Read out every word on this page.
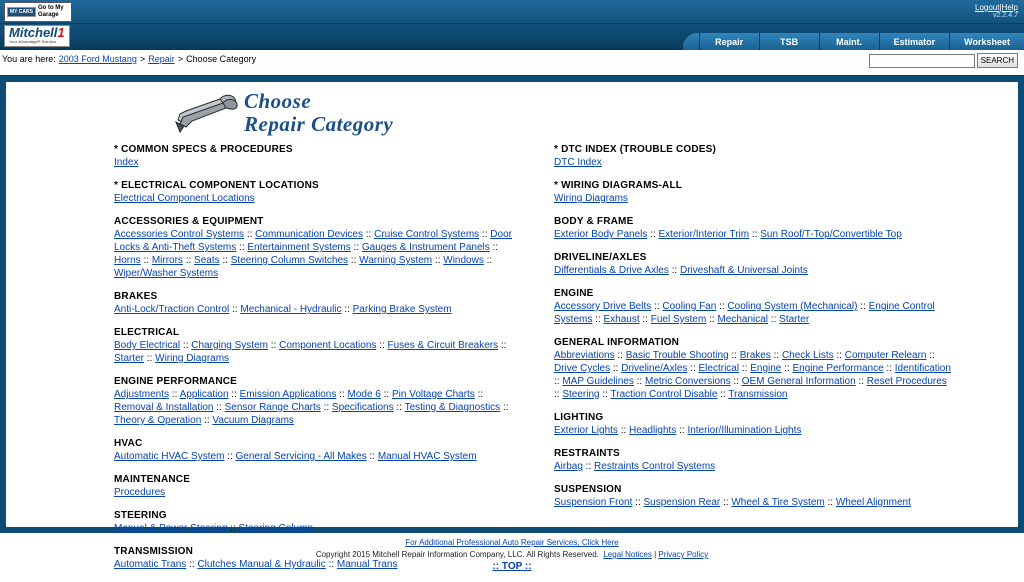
MY CARS
Go to My
Garage
Logout|Help
v2.2.4.7
Mitchell1
Your eDvantage® Solution	Repair	TSB	Maint.	Estimator	Worksheet
You are here: 2003 Ford Mustang > Repair > Choose Category	SEARCH
Choose
Repair Category
* COMMON SPECS & PROCEDURES
Index
* ELECTRICAL COMPONENT LOCATIONS
Electrical Component Locations
ACCESSORIES & EQUIPMENT
Accessories Control Systems :: Communication Devices :: Cruise Control Systems :: Door Locks & Anti-Theft Systems :: Entertainment Systems :: Gauges & Instrument Panels :: Horns :: Mirrors :: Seats :: Steering Column Switches :: Warning System :: Windows :: Wiper/Washer Systems
BRAKES
Anti-Lock/Traction Control :: Mechanical - Hydraulic :: Parking Brake System
ELECTRICAL
Body Electrical :: Charging System :: Component Locations :: Fuses & Circuit Breakers :: Starter :: Wiring Diagrams
ENGINE PERFORMANCE
Adjustments :: Application :: Emission Applications :: Mode 6 :: Pin Voltage Charts :: Removal & Installation :: Sensor Range Charts :: Specifications :: Testing & Diagnostics :: Theory & Operation :: Vacuum Diagrams
HVAC
Automatic HVAC System :: General Servicing - All Makes :: Manual HVAC System
MAINTENANCE
Procedures
STEERING
Manual & Power Steering :: Steering Column
TRANSMISSION
Automatic Trans :: Clutches Manual & Hydraulic :: Manual Trans
* DTC INDEX (TROUBLE CODES)
DTC Index
* WIRING DIAGRAMS-ALL
Wiring Diagrams
BODY & FRAME
Exterior Body Panels :: Exterior/Interior Trim :: Sun Roof/T-Top/Convertible Top
DRIVELINE/AXLES
Differentials & Drive Axles :: Driveshaft & Universal Joints
ENGINE
Accessory Drive Belts :: Cooling Fan :: Cooling System (Mechanical) :: Engine Control Systems :: Exhaust :: Fuel System :: Mechanical :: Starter
GENERAL INFORMATION
Abbreviations :: Basic Trouble Shooting :: Brakes :: Check Lists :: Computer Relearn :: Drive Cycles :: Driveline/Axles :: Electrical :: Engine :: Engine Performance :: Identification :: MAP Guidelines :: Metric Conversions :: OEM General Information :: Reset Procedures :: Steering :: Traction Control Disable :: Transmission
LIGHTING
Exterior Lights :: Headlights :: Interior/Illumination Lights
RESTRAINTS
Airbag :: Restraints Control Systems
SUSPENSION
Suspension Front :: Suspension Rear :: Wheel & Tire System :: Wheel Alignment
For Additional Professional Auto Repair Services, Click Here
Copyright 2015 Mitchell Repair Information Company, LLC. All Rights Reserved. Legal Notices | Privacy Policy
:: TOP ::
